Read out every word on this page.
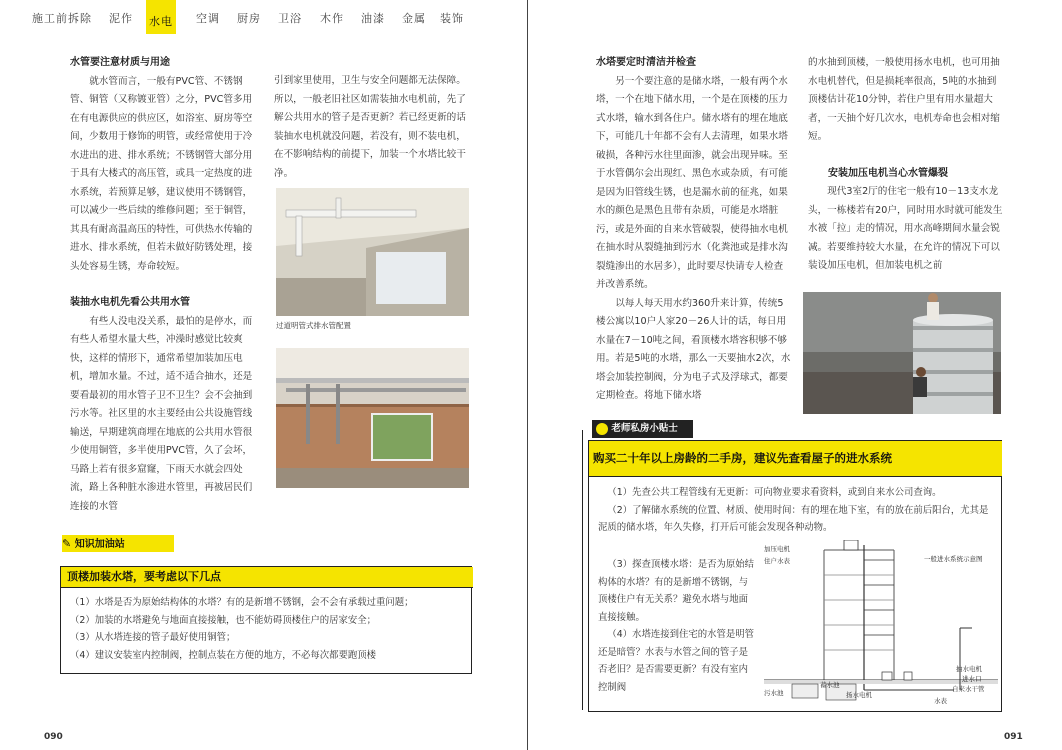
施工前 拆除 泥作 水电 空调 厨房 卫浴 木作 油漆 金属 装饰
水管要注意材质与用途

就水管而言，一般有PVC管、不锈钢管、铜管（又称镀亚管）之分，PVC管多用在有电源供应的供应区，如浴室、厨房等空间，少数用于修饰的明管，或经常使用于冷水进出的进、排水系统；不锈钢管大部分用于具有大楼式的高压管，或具一定热度的进水系统，若预算足够，建议使用不锈钢管，可以减少一些后续的维修问题；至于铜管，其具有耐高温高压的特性，可供热水传输的进水、排水系统，但若未做好防锈处理，接头处容易生锈，寿命较短。

装抽水电机先看公共用水管

有些人没电没关系，最怕的是停水，而有些人希望水量大些，冲澡时感觉比较爽快，这样的情形下，通常希望加装加压电机，增加水量。不过，适不适合抽水，还是要看最初的用水管子卫不卫生？会不会抽到污水等。社区里的水主要经由公共设施管线输送，早期建筑商埋在地底的公共用水管很少使用铜管，多半使用PVC管，久了会坏，马路上若有很多窟窿，下雨天水就会四处流，路上各种脏水渗进水管里，再被居民们连接的水管

引到家里使用，卫生与安全问题都无法保障。所以，一般老旧社区如需装抽水电机前，先了解公共用水的管子是否更新？若已经更新的话装抽水电机就没问题，若没有，则不装电机，在不影响结构的前提下，加装一个水塔比较干净。

过道明管式排水管配置
✎ 知识加油站
顶楼加装水塔，要考虑以下几点
（1）水塔是否为原始结构体的水塔？有的是新增不锈钢，会不会有承载过重问题；
（2）加装的水塔避免与地面直接接触，也不能妨碍顶楼住户的居家安全；
（3）从水塔连接的管子最好使用铜管；
（4）建议安装室内控制阀，控制点装在方便的地方，不必每次都要跑顶楼
090
水塔要定时清洁并检查

另一个要注意的是储水塔，一般有两个水塔，一个在地下储水用，一个是在顶楼的压力式水塔，输水到各住户。储水塔有的埋在地底下，可能几十年都不会有人去清理，如果水塔破损，各种污水往里面渗，就会出现异味。至于水管偶尔会出现红、黑色水或杂质，有可能是因为旧管线生锈，也是漏水前的征兆，如果水的颜色是黑色且带有杂质，可能是水塔脏污，或是外面的自来水管破裂，使得抽水电机在抽水时从裂缝抽到污水（化粪池或是排水沟裂缝渗出的水居多），此时要尽快请专人检查并改善系统。

以每人每天用水约360升来计算，传统5楼公寓以10户人家20－26人计的话，每日用水量在7－10吨之间，看顶楼水塔容积够不够用。若是5吨的水塔，那么一天要抽水2次，水塔会加装控制阀，分为电子式及浮球式，都要定期检查。将地下储水塔

的水抽到顶楼，一般使用扬水电机，也可用抽水电机替代，但是损耗率很高，5吨的水抽到顶楼估计花10分钟，若住户里有用水量超大者，一天抽个好几次水，电机寿命也会相对缩短。

安装加压电机当心水管爆裂

现代3室2厅的住宅一般有10－13支水龙头，一栋楼若有20户，同时用水时就可能发生水被「拉」走的情况，用水高峰期间水量会锐减。若要维持较大水量，在允许的情况下可以装设加压电机，但加装电机之前

老师私房小贴士
购买二十年以上房龄的二手房，建议先查看屋子的进水系统
（1）先查公共工程管线有无更新：可向物业要求看资料，或到自来水公司查询。
（2）了解储水系统的位置、材质、使用时间：有的埋在地下室，有的放在前后阳台，尤其是泥质的储水塔，年久失修，打开后可能会发现各种动物。
（3）探查顶楼水塔：是否为原始结构体的水塔？有的是新增不锈钢，与顶楼住户有无关系？避免水塔与地面直接接触。
（4）水塔连接到住宅的水管是明管还是暗管？水表与水管之间的管子是否老旧？是否需要更新？有没有室内控制阀
加压电机
住户水表	一般进水系统示意图
污水池
蓄水池
扬水电机
抽水电机
进水口
自来水干管
水表
091
